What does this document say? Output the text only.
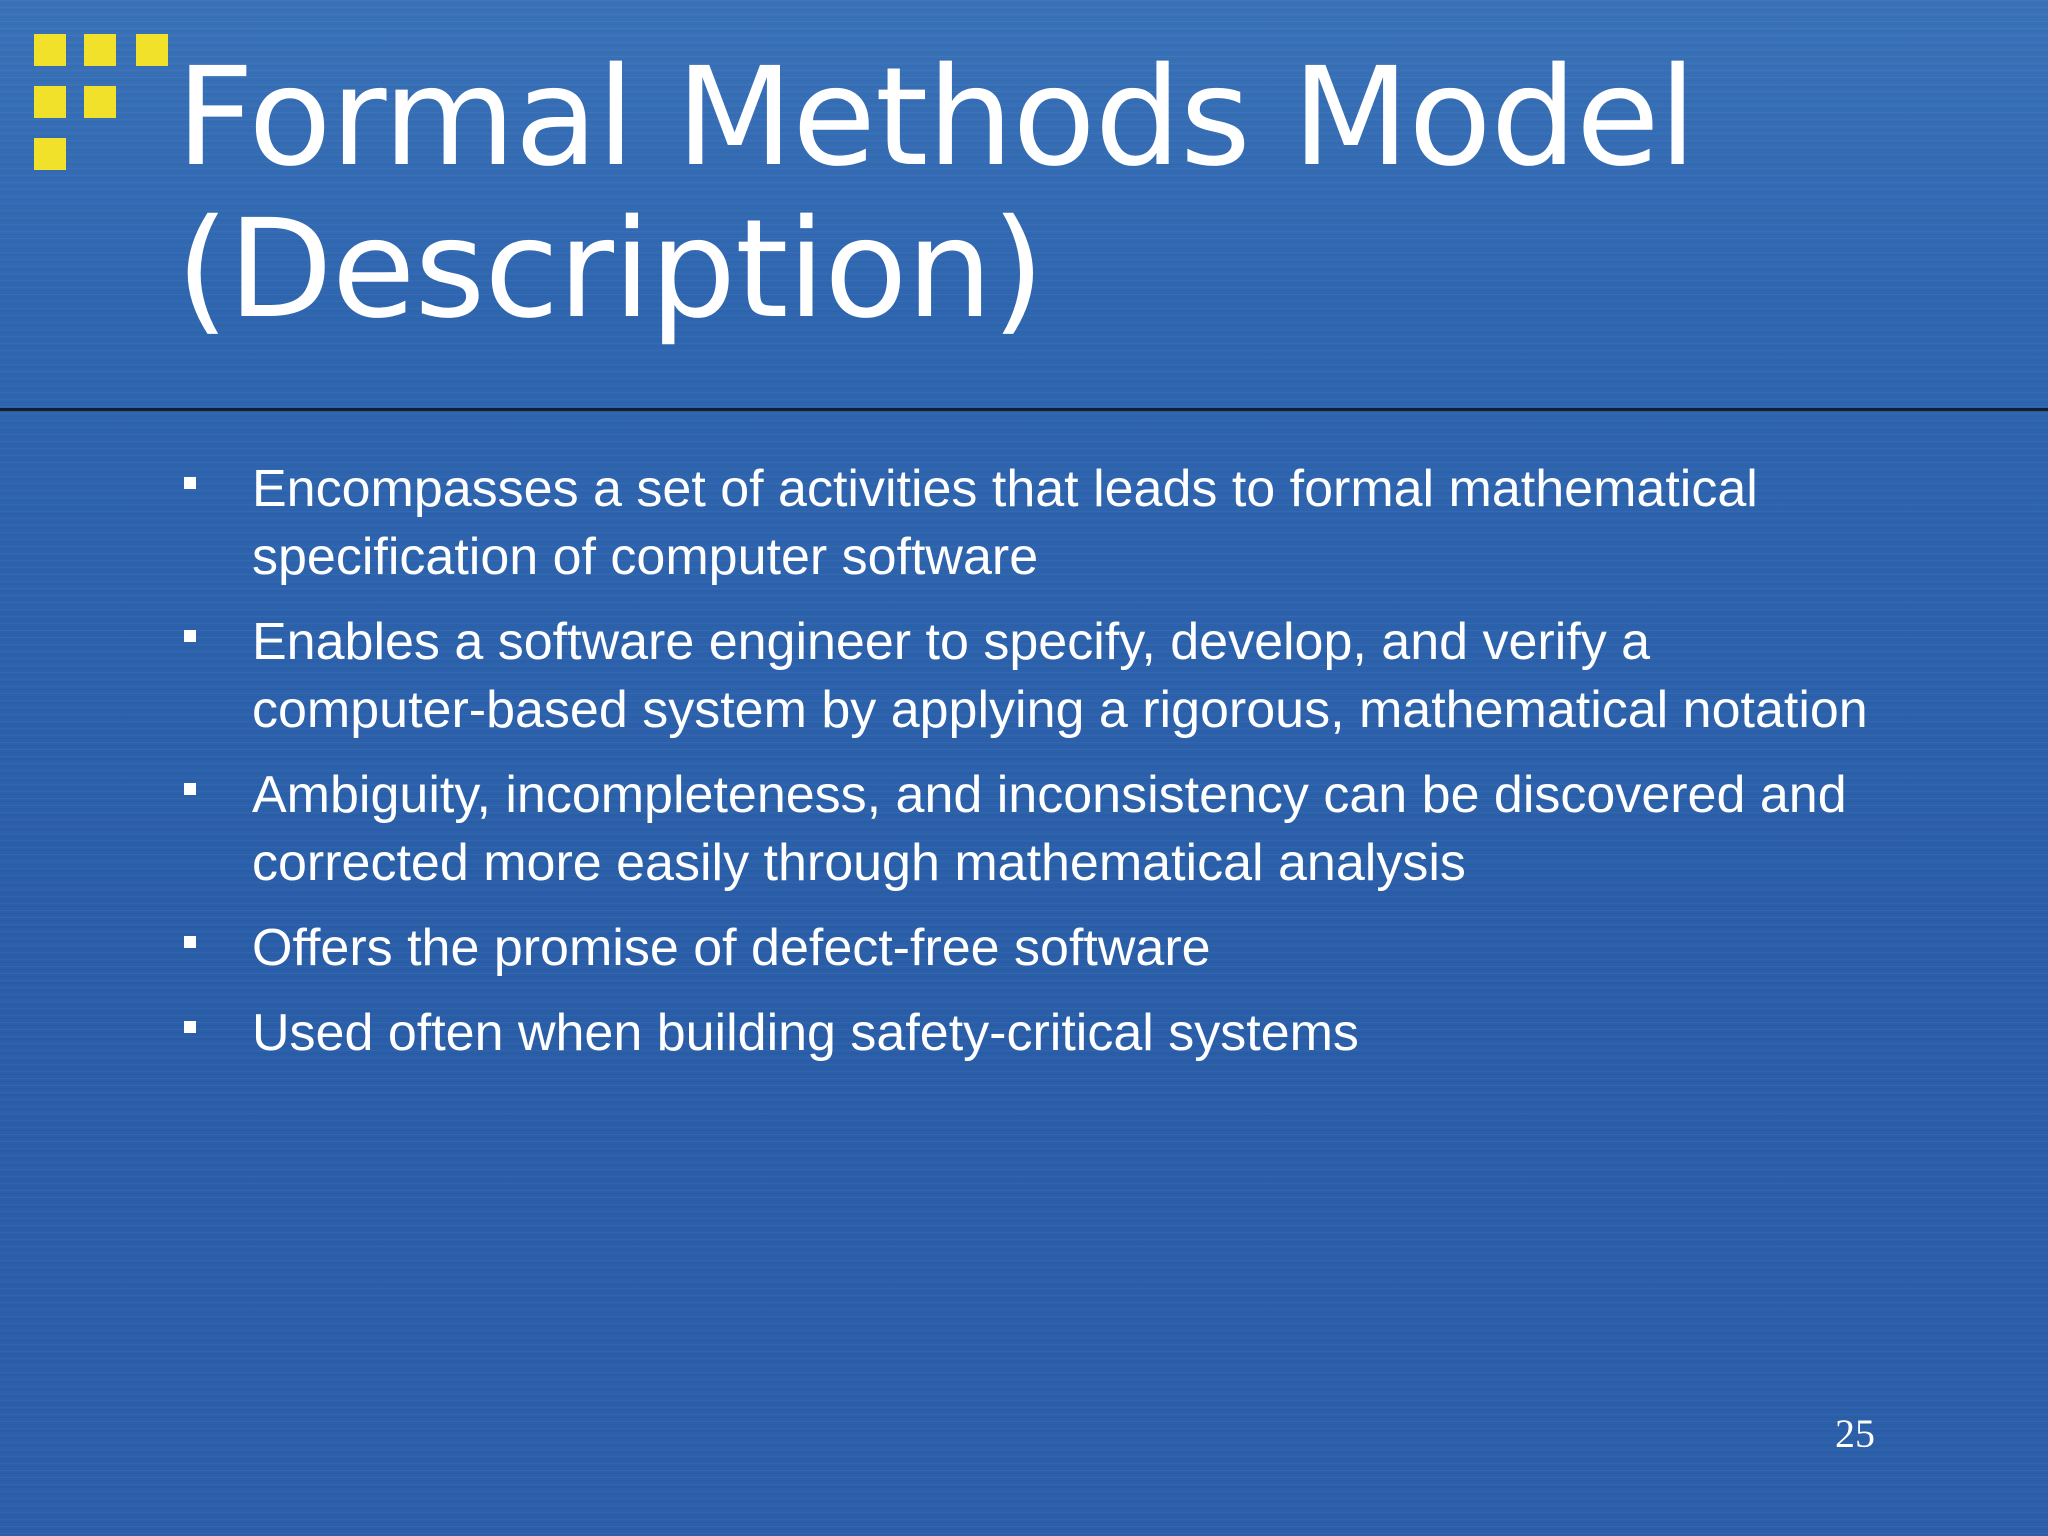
Formal Methods Model
(Description)
Encompasses a set of activities that leads to formal mathematical specification of computer software
Enables a software engineer to specify, develop, and verify a computer-based system by applying a rigorous, mathematical notation
Ambiguity, incompleteness, and inconsistency can be discovered and corrected more easily through mathematical analysis
Offers the promise of defect-free software
Used often when building safety-critical systems
25
